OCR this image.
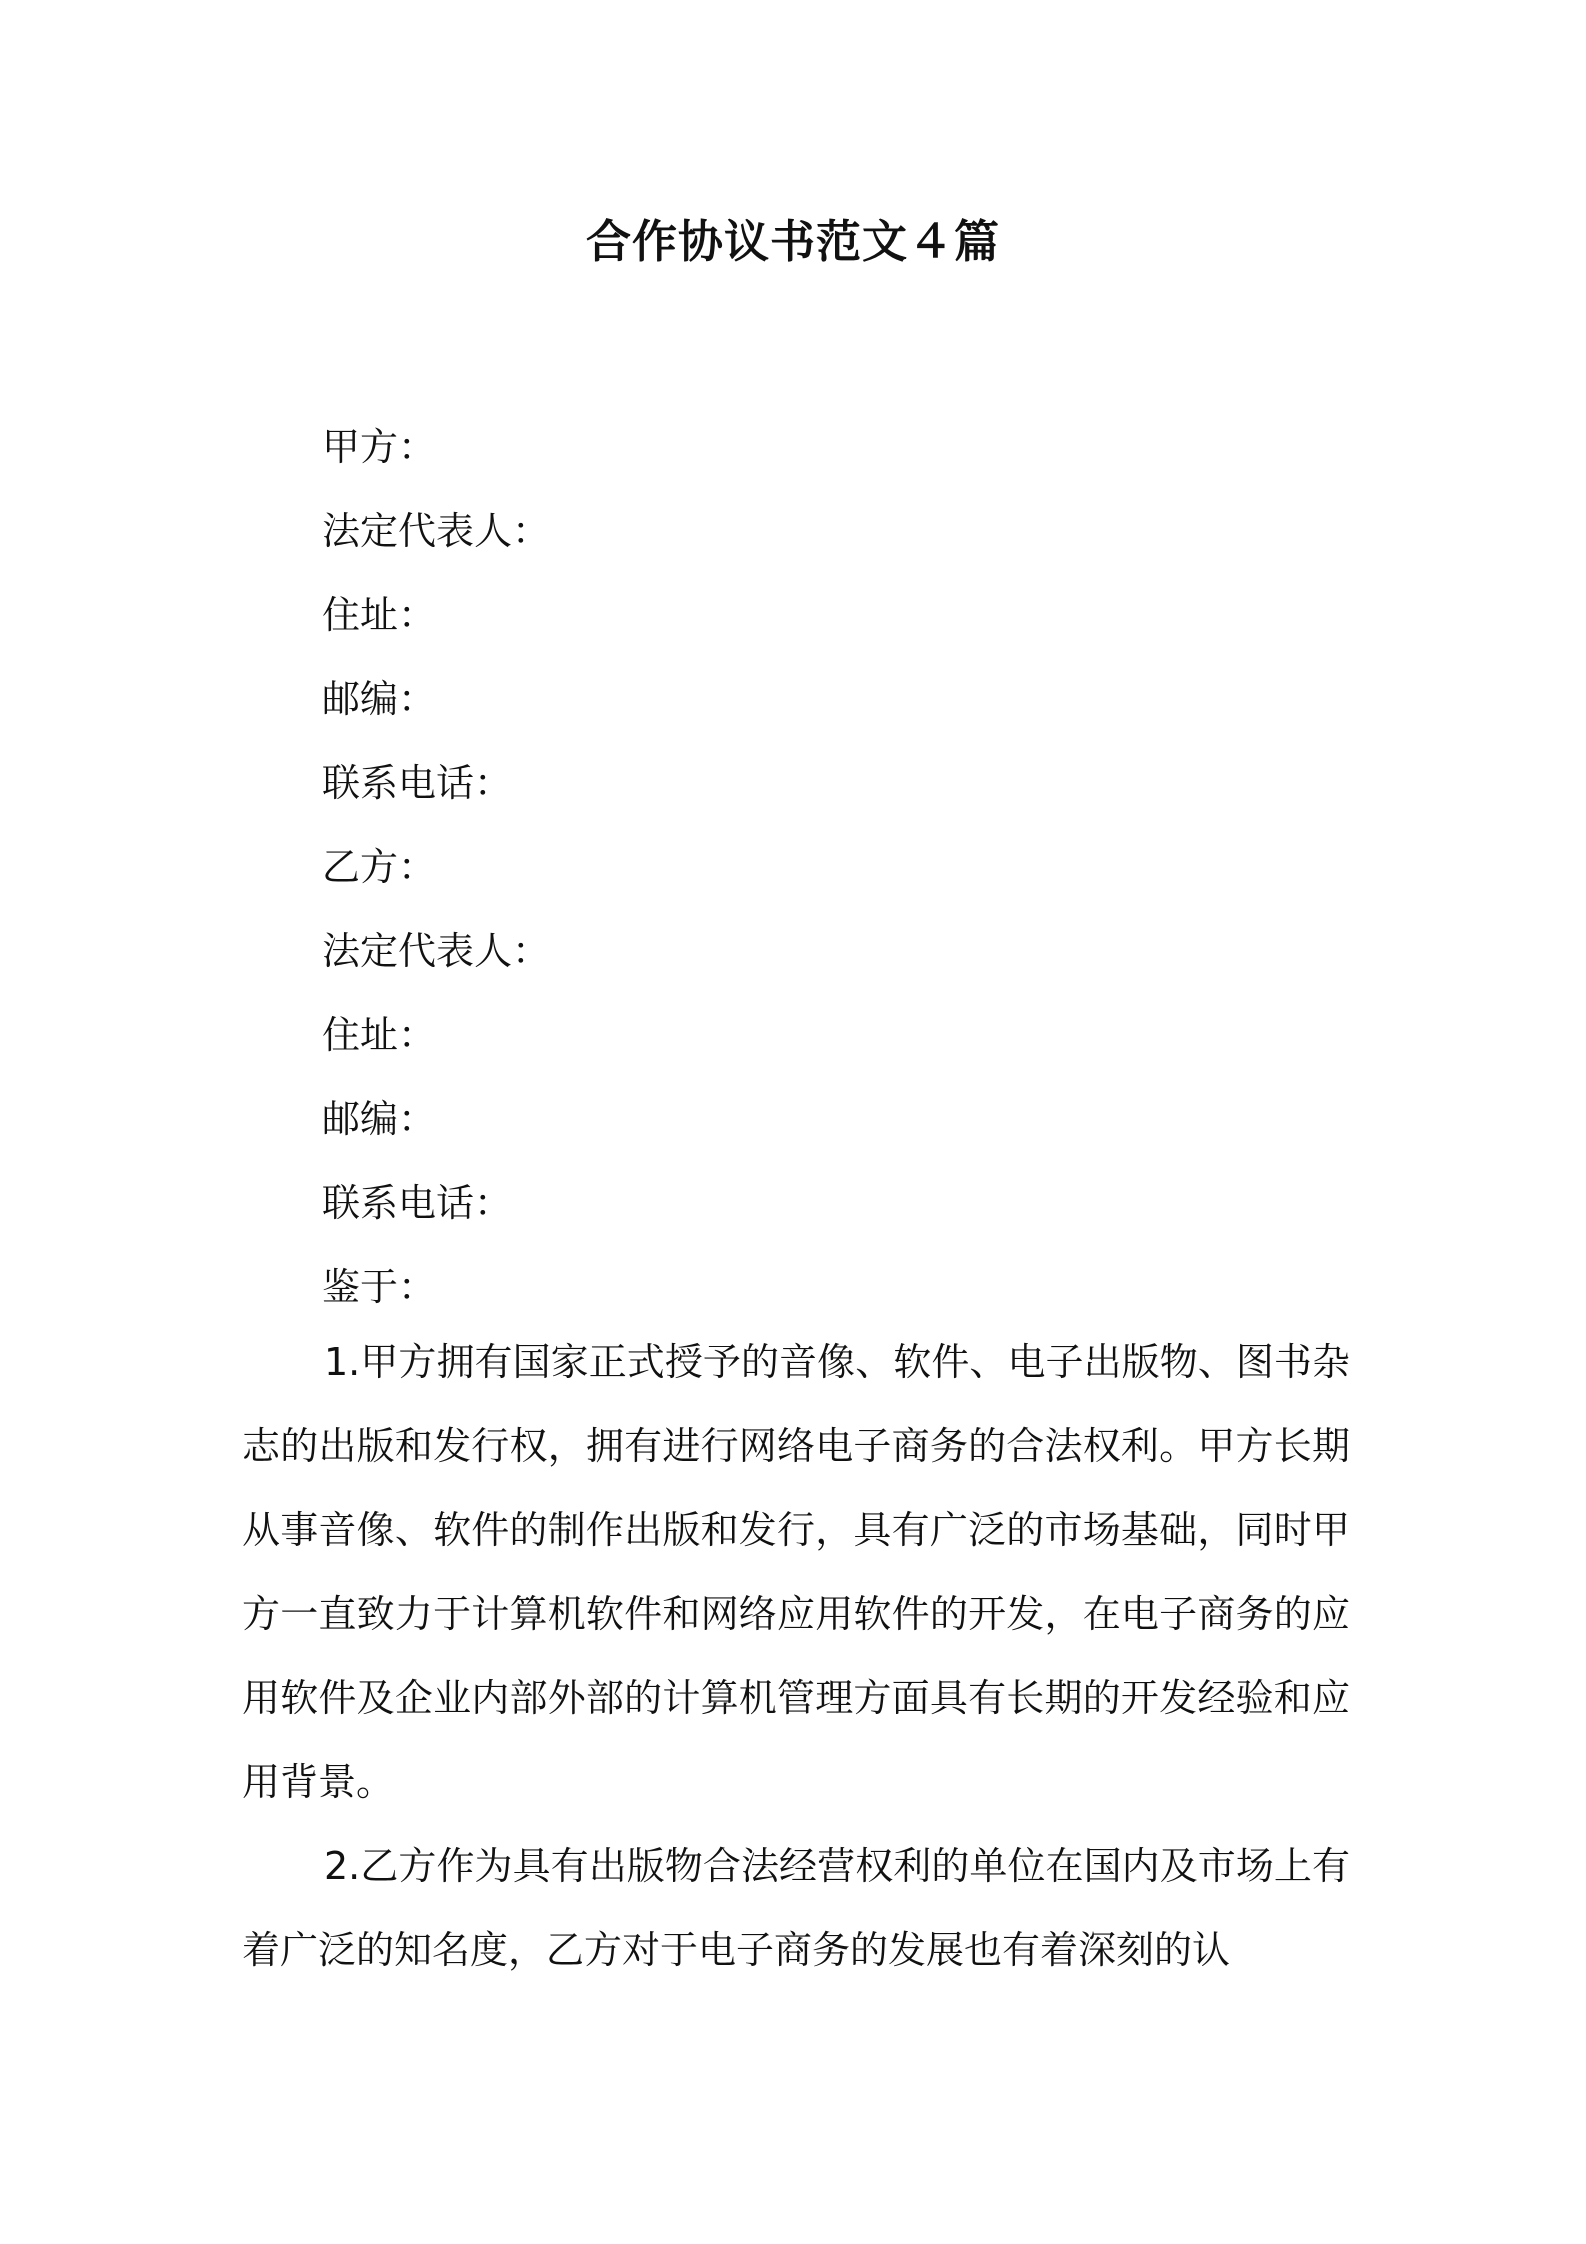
合作协议书范文４篇
甲方：
法定代表人：
住址：
邮编：
联系电话：
乙方：
法定代表人：
住址：
邮编：
联系电话：
鉴于：

1.甲方拥有国家正式授予的音像、软件、电子出版物、图书杂志的出版和发行权，拥有进行网络电子商务的合法权利。甲方长期从事音像、软件的制作出版和发行，具有广泛的市场基础，同时甲方一直致力于计算机软件和网络应用软件的开发，在电子商务的应用软件及企业内部外部的计算机管理方面具有长期的开发经验和应用背景。

2.乙方作为具有出版物合法经营权利的单位在国内及市场上有着广泛的知名度，乙方对于电子商务的发展也有着深刻的认
